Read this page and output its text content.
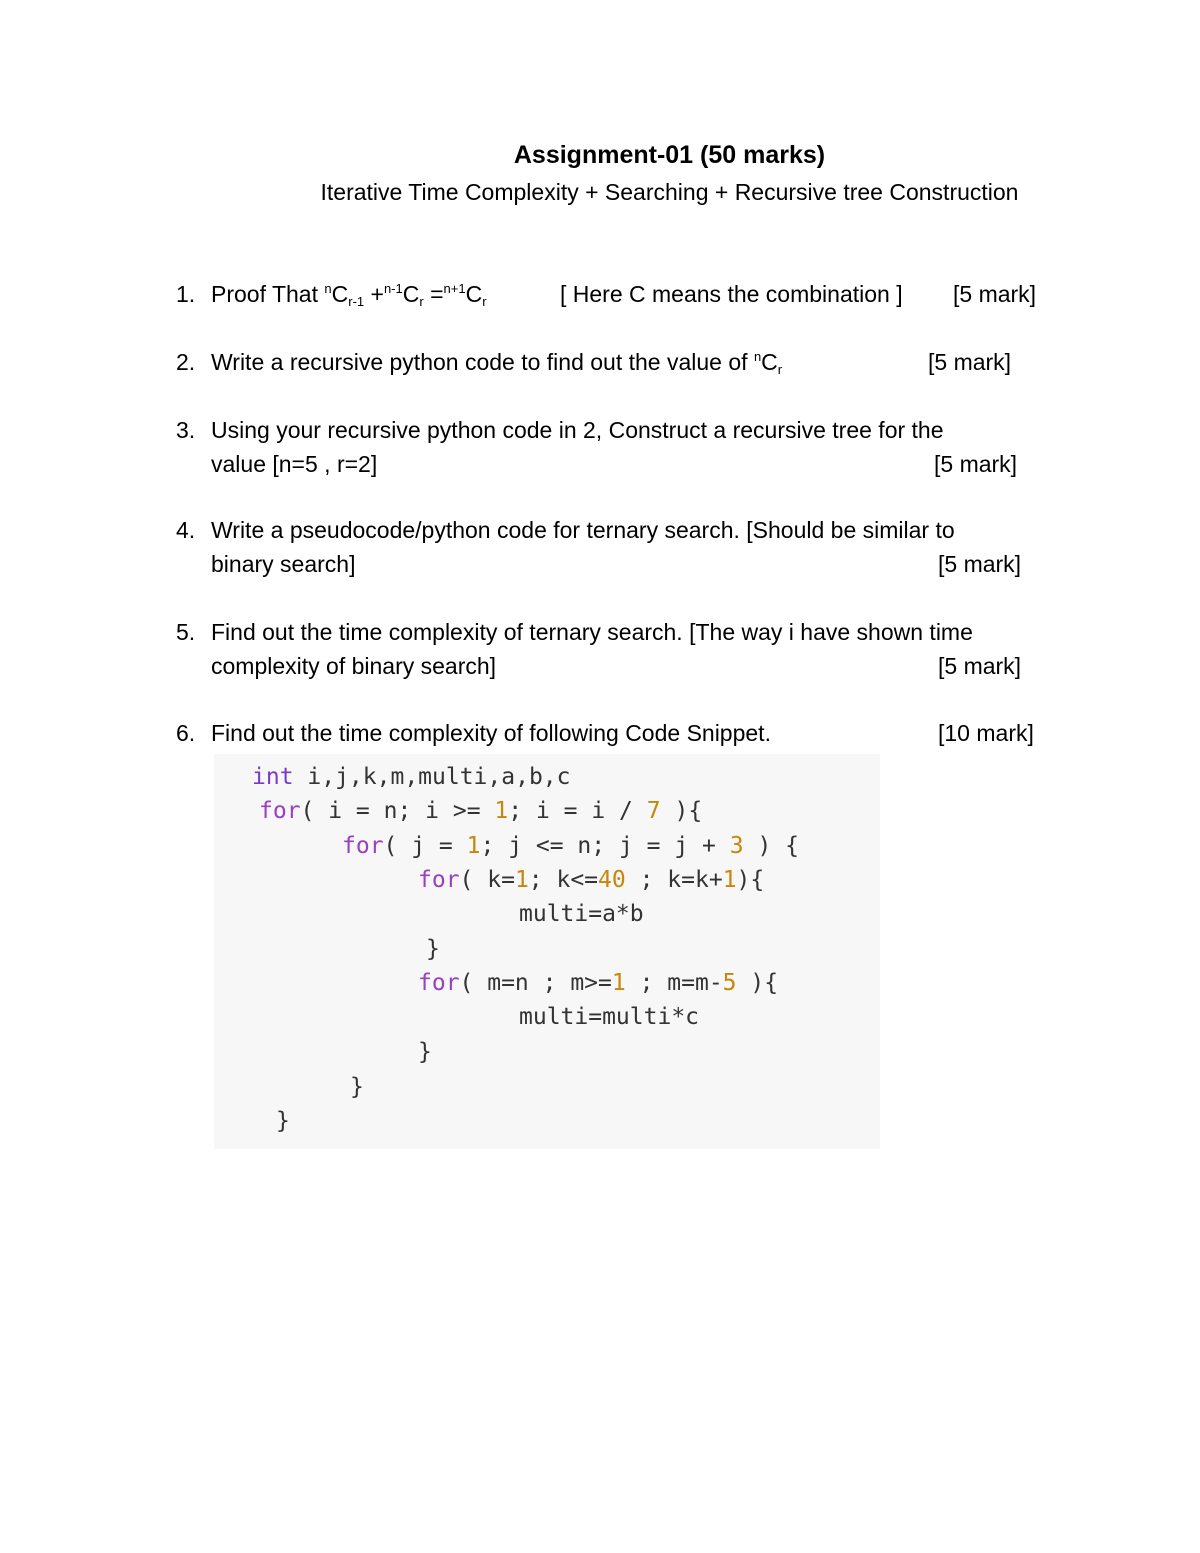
Assignment-01 (50 marks)

Iterative Time Complexity + Searching + Recursive tree Construction

1. Proof That $^nC_{r-1} +^{n-1}C_r =^{n+1}C_r$	[ Here C means the combination ] [5 mark]
2. Write a recursive python code to find out the value of $^nC_r$	[5 mark]
3. Using your recursive python code in 2, Construct a recursive tree for the
value [n=5 , r=2]	[5 mark]
4. Write a pseudocode/python code for ternary search. [Should be similar to
binary search]	[5 mark]
5. Find out the time complexity of ternary search. [The way i have shown time
complexity of binary search]	[5 mark]
6. Find out the time complexity of following Code Snippet.	[10 mark]
int i,j,k,m,multi,a,b,c
for( i = n; i >= 1; i = i / 7 ){
for( j = 1; j <= n; j = j + 3 ) {
for( k=1; k<=40 ; k=k+1){
multi=a*b
}
for( m=n ; m>=1 ; m=m-5 ){
multi=multi*c
}
}
}
